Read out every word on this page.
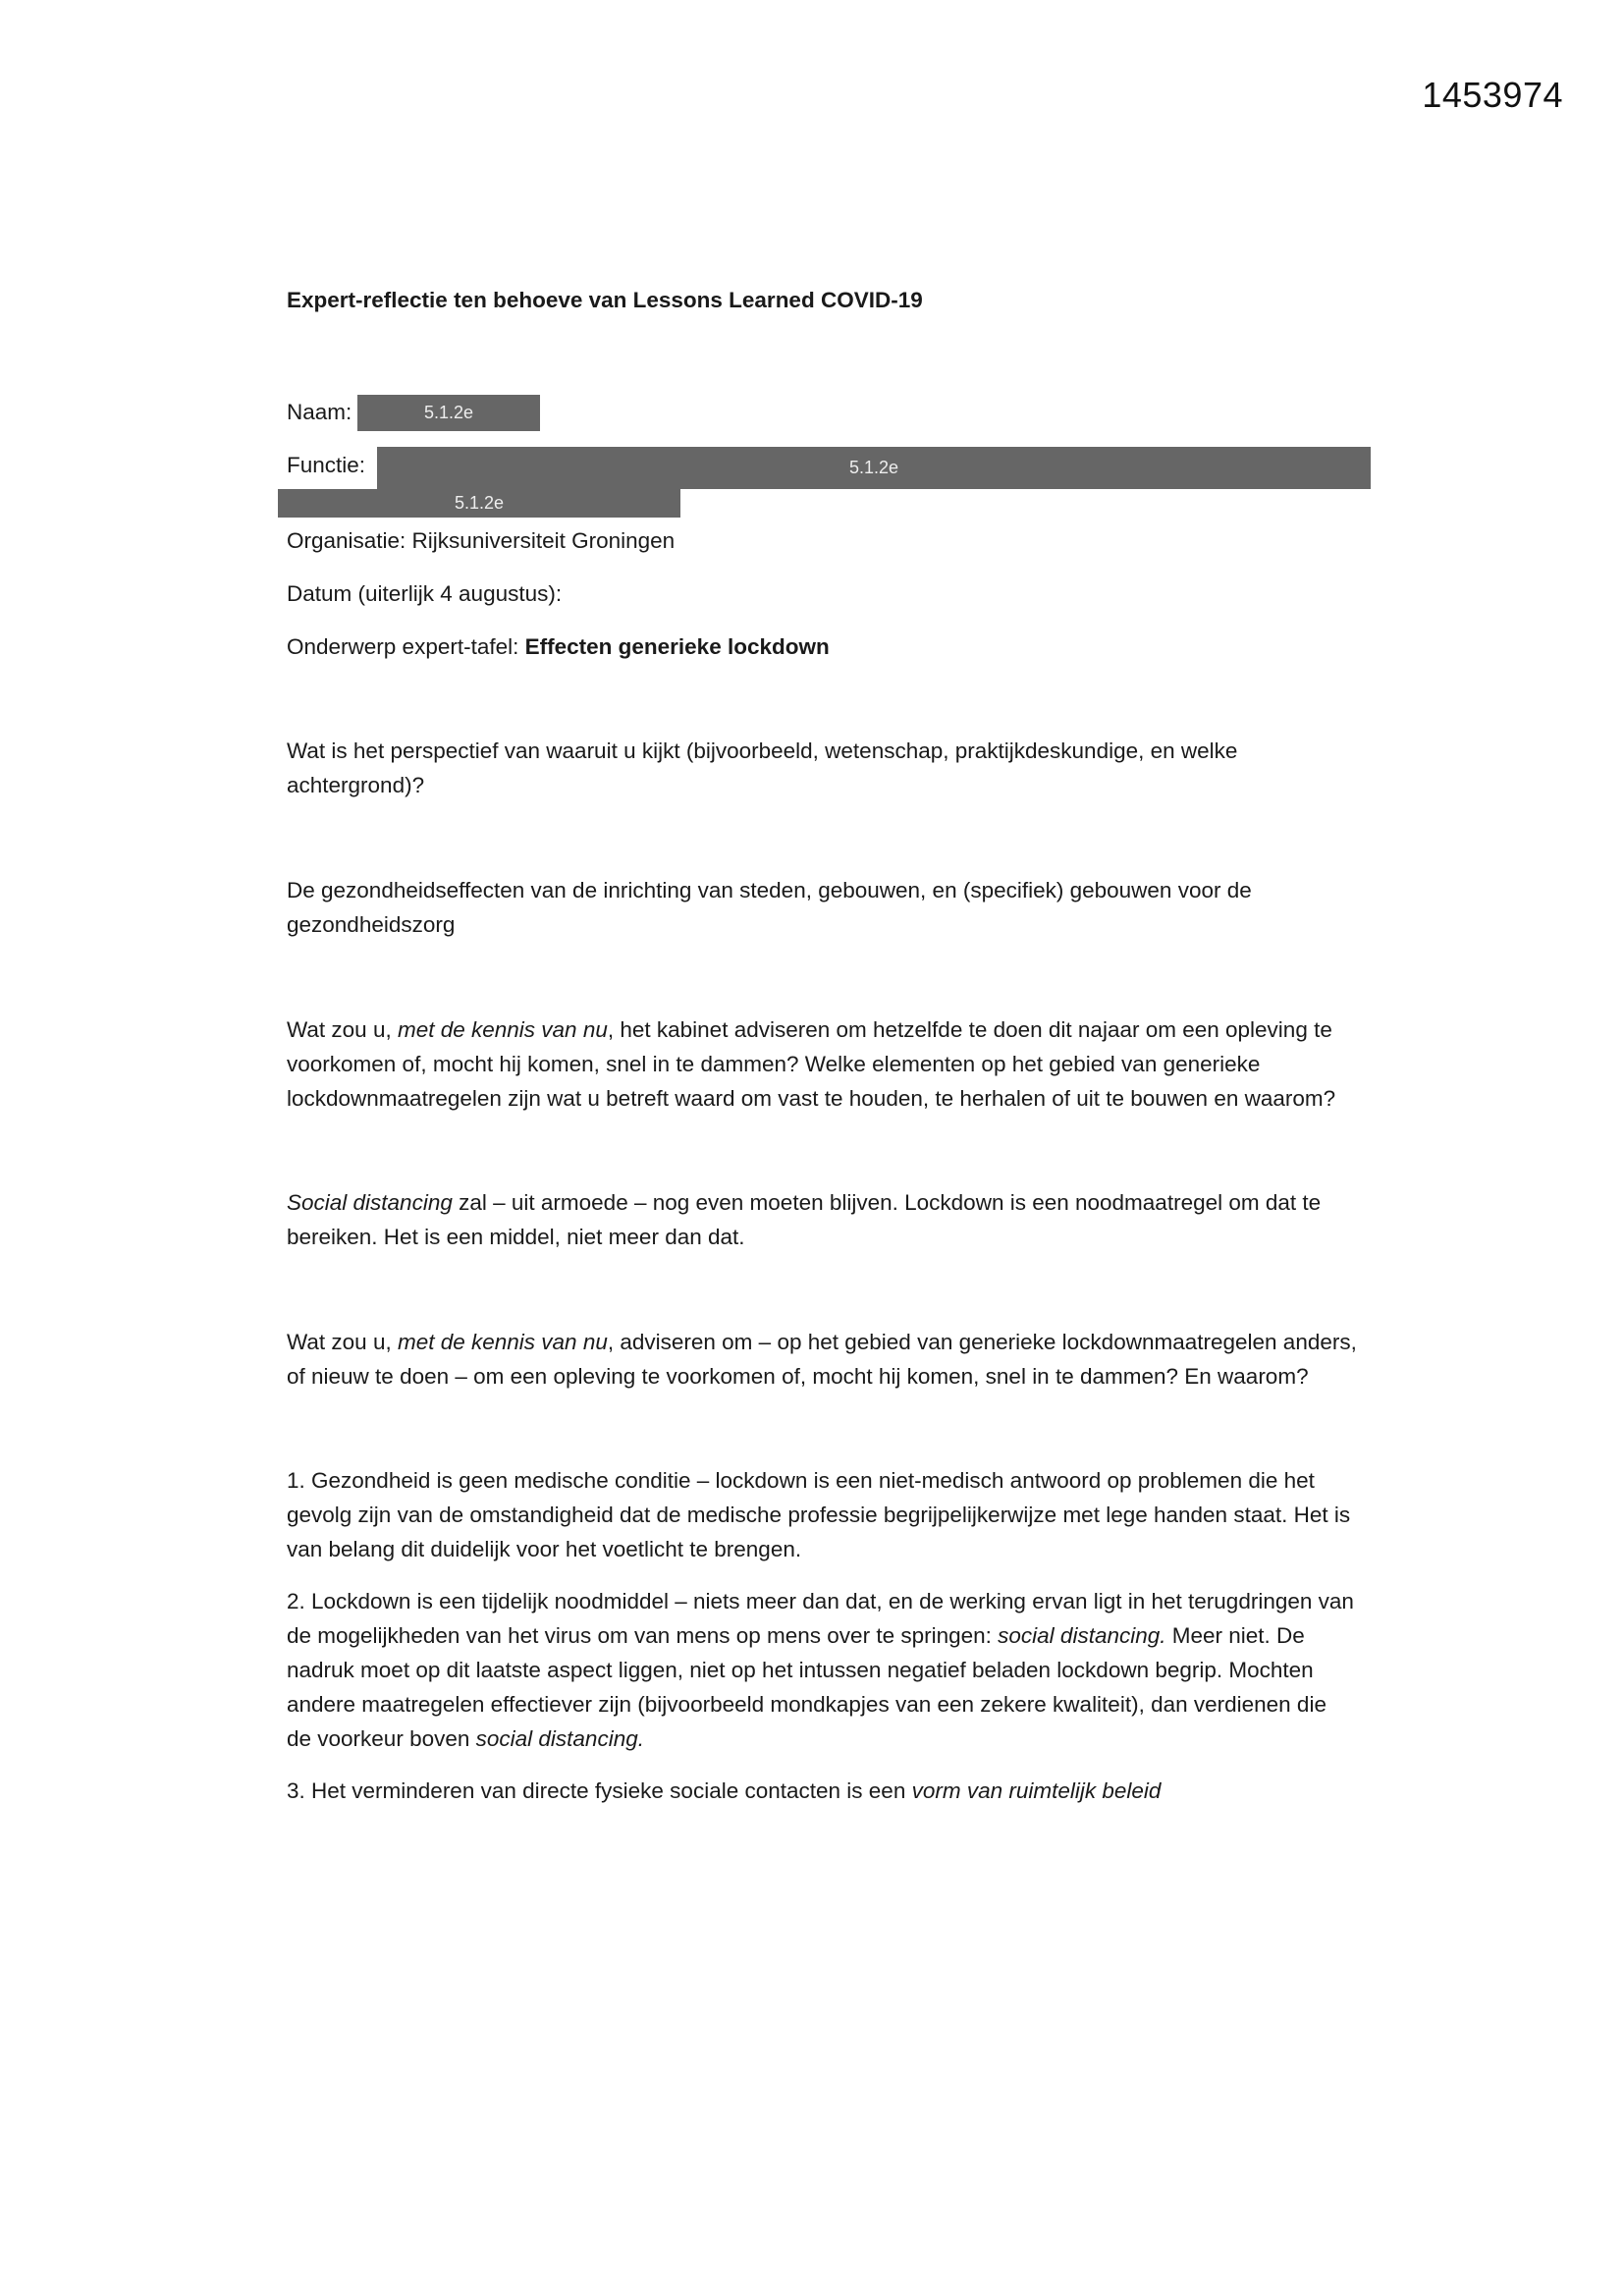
1453974
5.1.2e
5.1.2e
5.1.2e

Expert-reflectie ten behoeve van Lessons Learned COVID-19

Naam:
Functie:

Organisatie: Rijksuniversiteit Groningen

Datum (uiterlijk 4 augustus):

Onderwerp expert-tafel: Effecten generieke lockdown

Wat is het perspectief van waaruit u kijkt (bijvoorbeeld, wetenschap, praktijkdeskundige, en welke achtergrond)?

De gezondheidseffecten van de inrichting van steden, gebouwen, en (specifiek) gebouwen voor de gezondheidszorg

Wat zou u, met de kennis van nu, het kabinet adviseren om hetzelfde te doen dit najaar om een opleving te voorkomen of, mocht hij komen, snel in te dammen? Welke elementen op het gebied van generieke lockdownmaatregelen zijn wat u betreft waard om vast te houden, te herhalen of uit te bouwen en waarom?

Social distancing zal – uit armoede – nog even moeten blijven. Lockdown is een noodmaatregel om dat te bereiken. Het is een middel, niet meer dan dat.

Wat zou u, met de kennis van nu, adviseren om – op het gebied van generieke lockdownmaatregelen anders, of nieuw te doen – om een opleving te voorkomen of, mocht hij komen, snel in te dammen? En waarom?

1. Gezondheid is geen medische conditie – lockdown is een niet-medisch antwoord op problemen die het gevolg zijn van de omstandigheid dat de medische professie begrijpelijkerwijze met lege handen staat. Het is van belang dit duidelijk voor het voetlicht te brengen.

2. Lockdown is een tijdelijk noodmiddel – niets meer dan dat, en de werking ervan ligt in het terugdringen van de mogelijkheden van het virus om van mens op mens over te springen: social distancing. Meer niet. De nadruk moet op dit laatste aspect liggen, niet op het intussen negatief beladen lockdown begrip. Mochten andere maatregelen effectiever zijn (bijvoorbeeld mondkapjes van een zekere kwaliteit), dan verdienen die de voorkeur boven social distancing.

3. Het verminderen van directe fysieke sociale contacten is een vorm van ruimtelijk beleid
